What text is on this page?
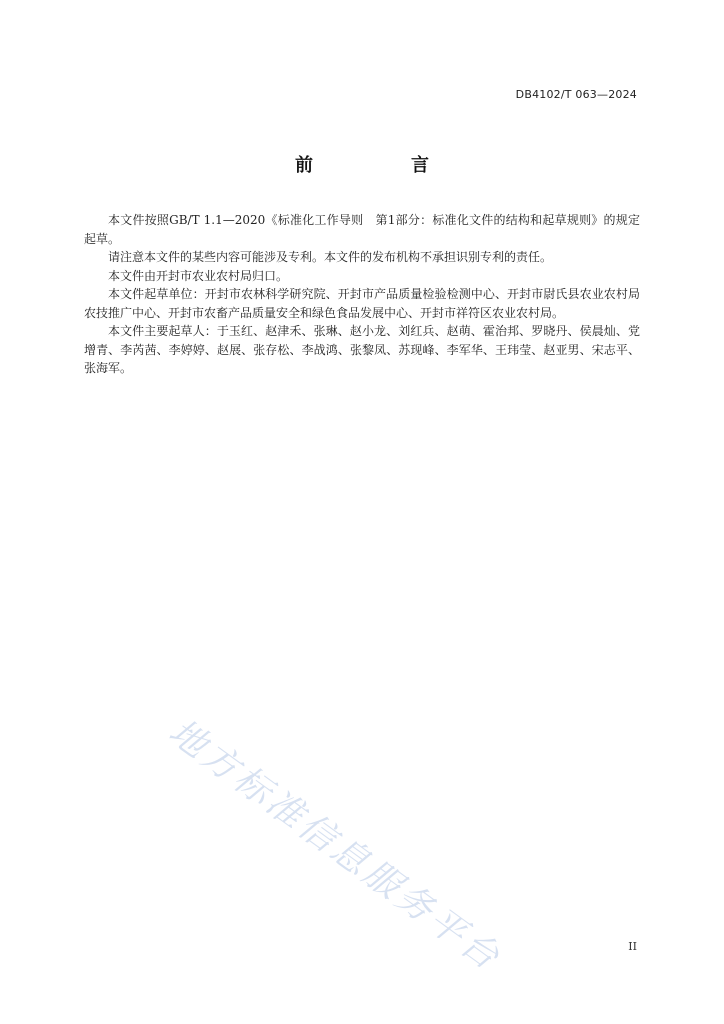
DB4102/T 063—2024
前　言

本文件按照GB/T 1.1—2020《标准化工作导则　第1部分：标准化文件的结构和起草规则》的规定起草。

请注意本文件的某些内容可能涉及专利。本文件的发布机构不承担识别专利的责任。

本文件由开封市农业农村局归口。

本文件起草单位：开封市农林科学研究院、开封市产品质量检验检测中心、开封市尉氏县农业农村局农技推广中心、开封市农畜产品质量安全和绿色食品发展中心、开封市祥符区农业农村局。

本文件主要起草人：于玉红、赵津禾、张琳、赵小龙、刘红兵、赵萌、霍治邦、罗晓丹、侯晨灿、党增青、李芮茜、李婷婷、赵展、张存松、李战鸿、张黎凤、苏现峰、李军华、王玮莹、赵亚男、宋志平、张海军。

地方标准信息服务平台	II
